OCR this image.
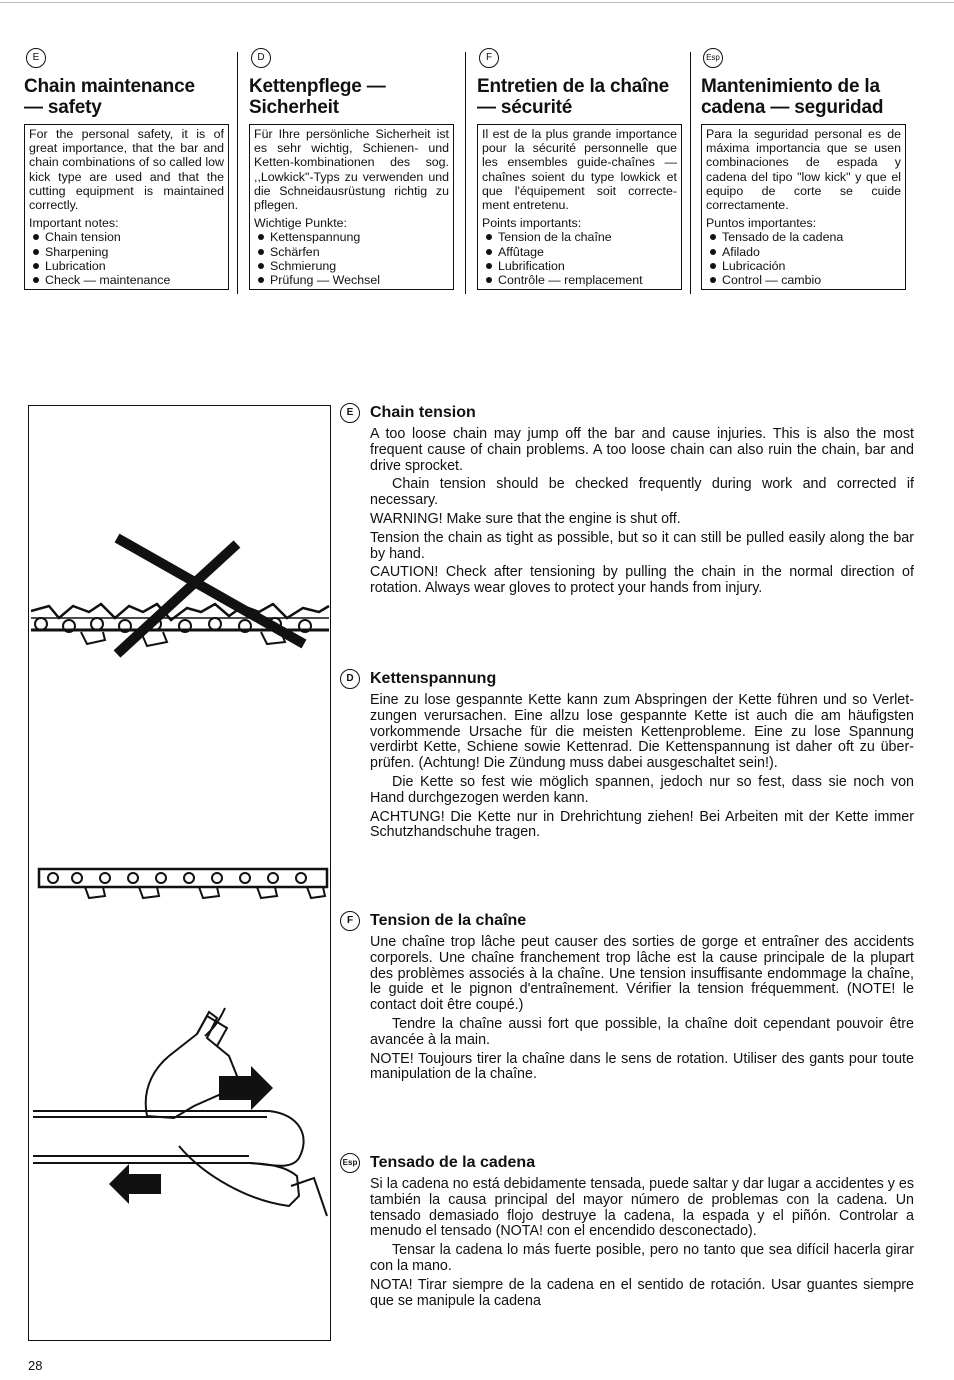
E
Chain maintenance
— safety

For the personal safety, it is of great importance, that the bar and chain combinations of so called low kick type are used and that the cutting equipment is maintained correctly.

Important notes:

Chain tension
Sharpening
Lubrication
Check — maintenance
D
Kettenpflege —
Sicherheit

Für Ihre persönliche Sicherheit ist es sehr wichtig, Schienen- und Ketten-kombinationen des sog. ,,Lowkick"-Typs zu verwenden und die Schneidausrüstung richtig zu pflegen.

Wichtige Punkte:

Kettenspannung
Schärfen
Schmierung
Prüfung — Wechsel
F
Entretien de la chaîne
— sécurité

Il est de la plus grande importance pour la sécurité personnelle que les ensembles guide-chaînes — chaînes soient du type lowkick et que l'équipement soit correcte-ment entretenu.

Points importants:

Tension de la chaîne
Affûtage
Lubrification
Contrôle — remplacement
Esp
Mantenimiento de la
cadena — seguridad

Para la seguridad personal es de máxima importancia que se usen combinaciones de espada y cadena del tipo "low kick" y que el equipo de corte se cuide correctamente.

Puntos importantes:

Tensado de la cadena
Afilado
Lubricación
Control — cambio
E	Chain tension

A too loose chain may jump off the bar and cause injuries. This is also the most frequent cause of chain problems. A too loose chain can also ruin the chain, bar and drive sprocket.

Chain tension should be checked frequently during work and corrected if necessary.

WARNING! Make sure that the engine is shut off.

Tension the chain as tight as possible, but so it can still be pulled easily along the bar by hand.

CAUTION! Check after tensioning by pulling the chain in the normal direction of rotation. Always wear gloves to protect your hands from injury.

D	Kettenspannung

Eine zu lose gespannte Kette kann zum Abspringen der Kette führen und so Verlet-zungen verursachen. Eine allzu lose gespannte Kette ist auch die am häufigsten vorkommende Ursache für die meisten Kettenprobleme. Eine zu lose Spannung verdirbt Kette, Schiene sowie Kettenrad. Die Kettenspannung ist daher oft zu über-prüfen. (Achtung! Die Zündung muss dabei ausgeschaltet sein!).

Die Kette so fest wie möglich spannen, jedoch nur so fest, dass sie noch von Hand durchgezogen werden kann.

ACHTUNG! Die Kette nur in Drehrichtung ziehen! Bei Arbeiten mit der Kette immer Schutzhandschuhe tragen.

F	Tension de la chaîne

Une chaîne trop lâche peut causer des sorties de gorge et entraîner des accidents corporels. Une chaîne franchement trop lâche est la cause principale de la plupart des problèmes associés à la chaîne. Une tension insuffisante endommage la chaîne, le guide et le pignon d'entraînement. Vérifier la tension fréquemment. (NOTE! le contact doit être coupé.)

Tendre la chaîne aussi fort que possible, la chaîne doit cependant pouvoir être avancée à la main.

NOTE! Toujours tirer la chaîne dans le sens de rotation. Utiliser des gants pour toute manipulation de la chaîne.

Esp Tensado de la cadena

Si la cadena no está debidamente tensada, puede saltar y dar lugar a accidentes y es también la causa principal del mayor número de problemas con la cadena. Un tensado demasiado flojo destruye la cadena, la espada y el piñón. Controlar a menudo el tensado (NOTA! con el encendido desconectado).

Tensar la cadena lo más fuerte posible, pero no tanto que sea difícil hacerla girar con la mano.

NOTA! Tirar siempre de la cadena en el sentido de rotación. Usar guantes siempre que se manipule la cadena

28
